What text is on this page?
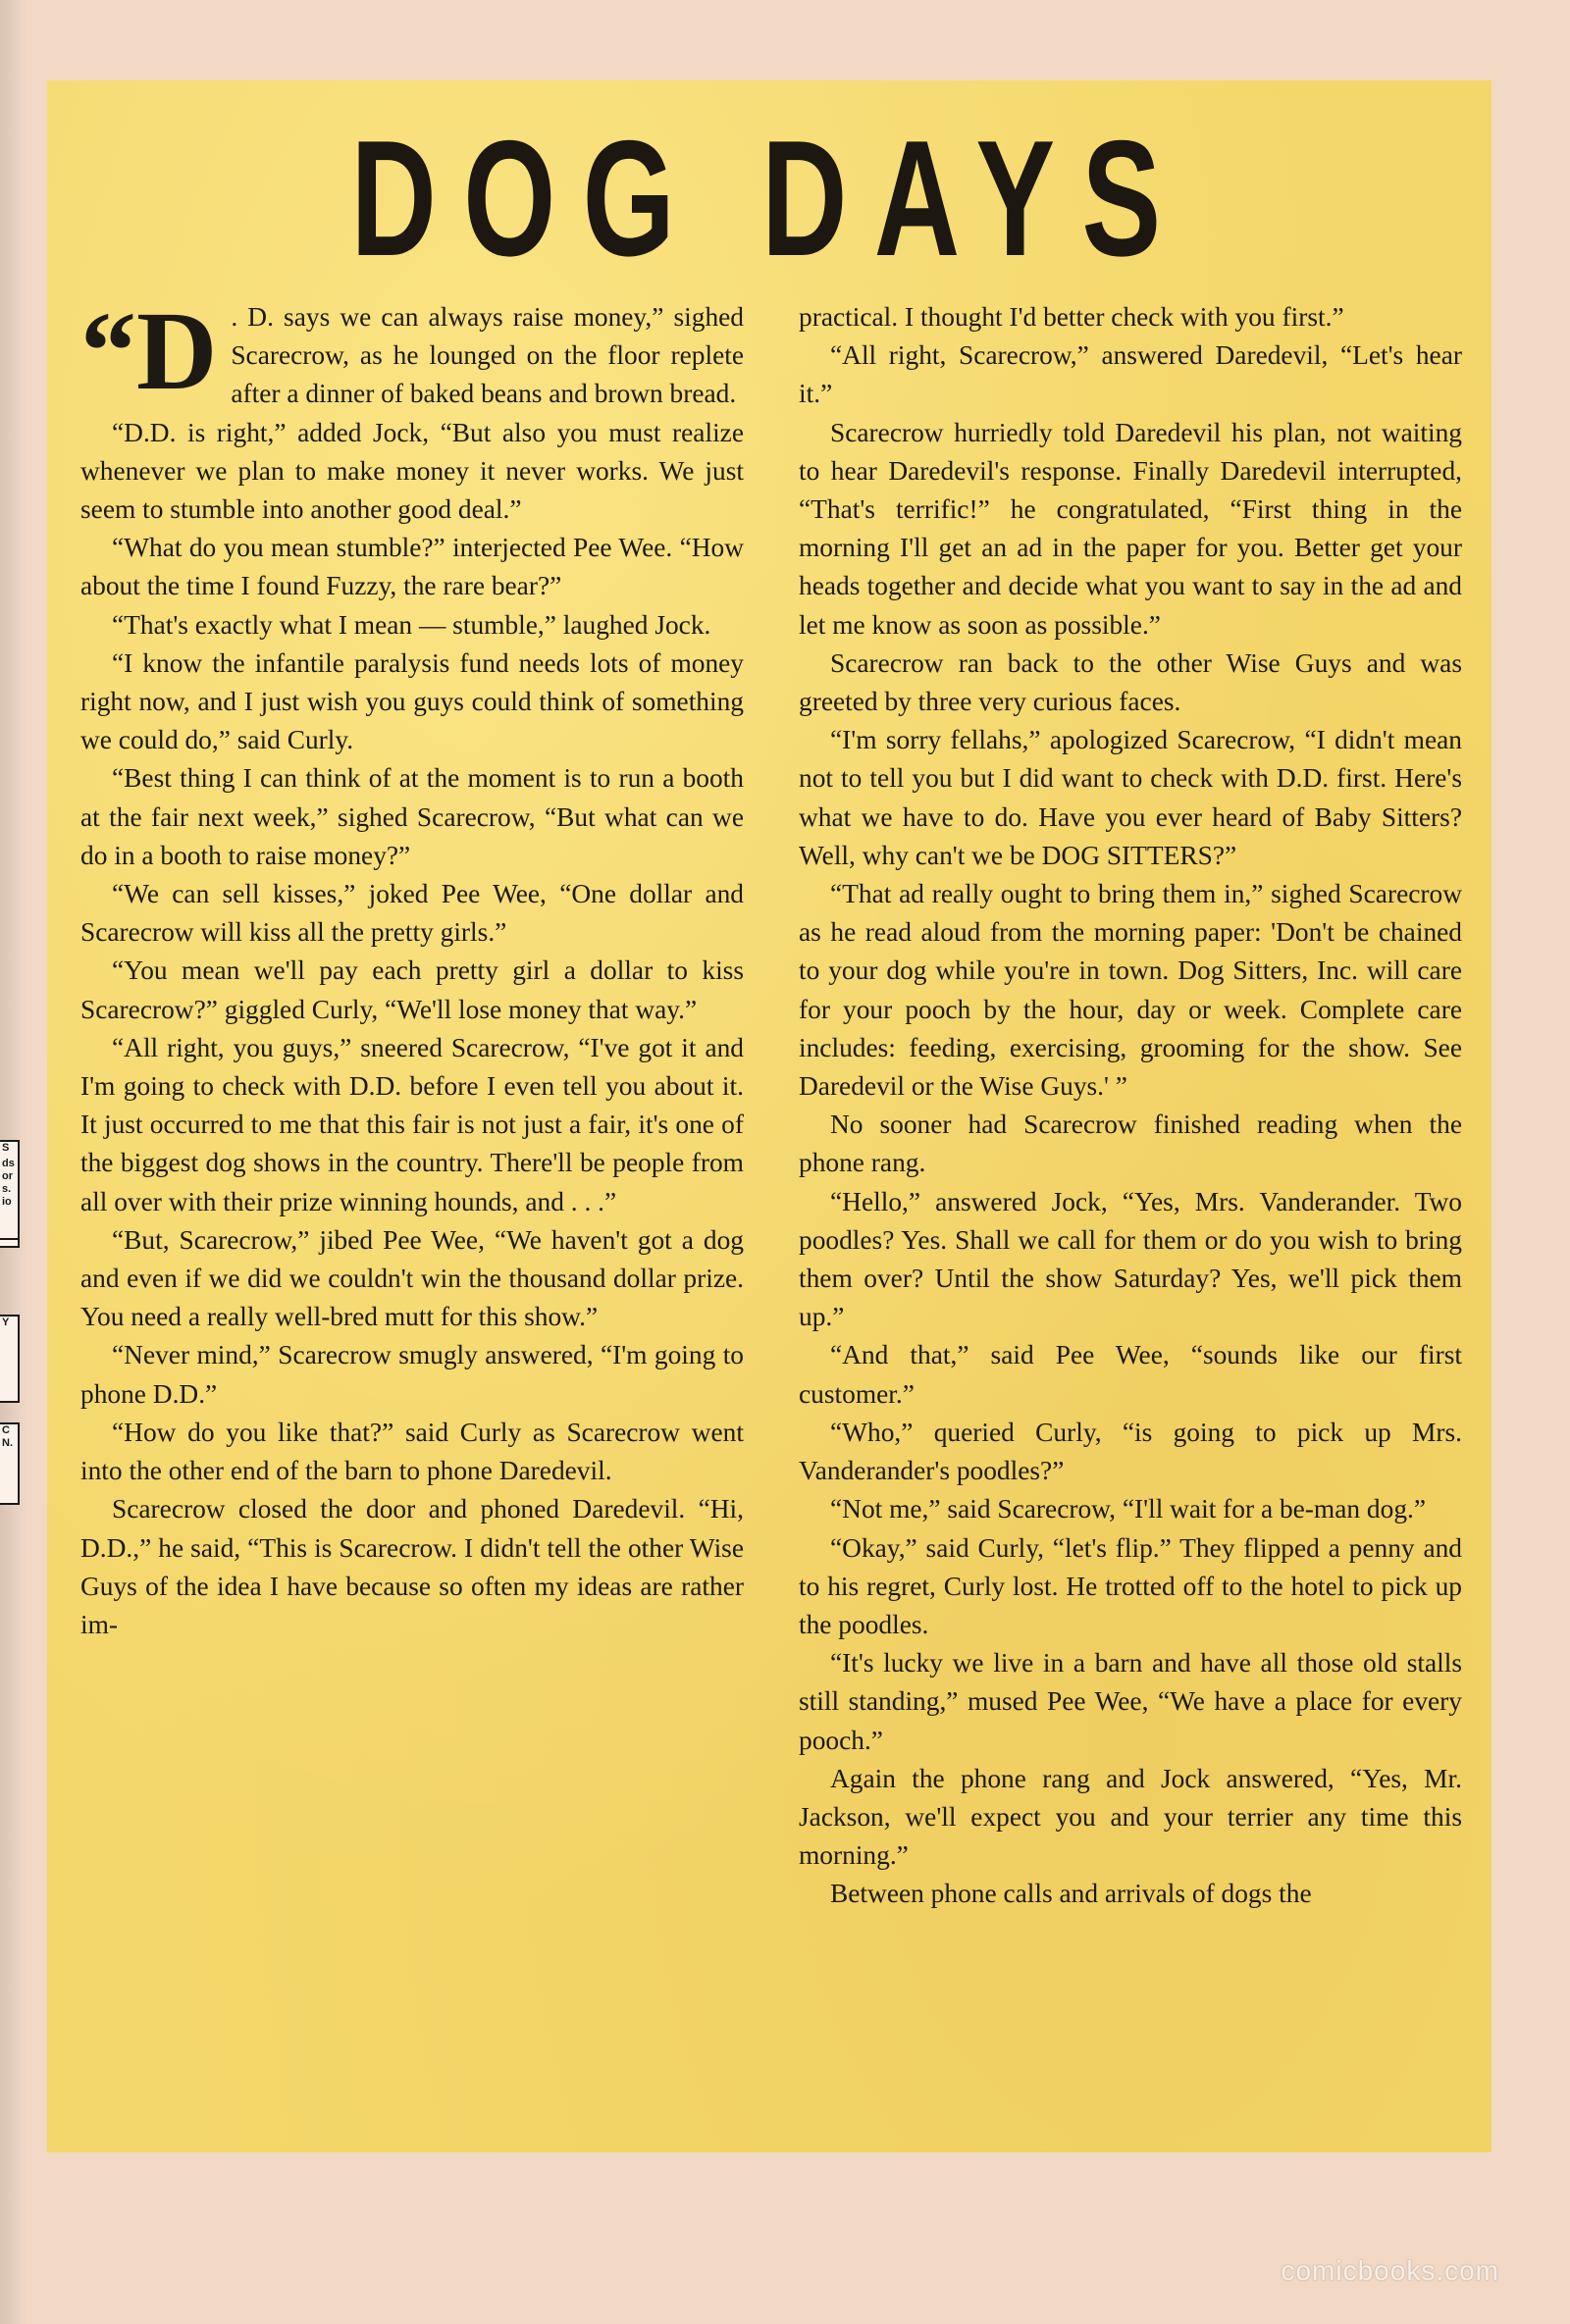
S
ds or s. io
Y
C N.
DOG DAYS

“D . D. says we can always raise money,” sighed Scarecrow, as he lounged on the floor replete after a dinner of baked beans and brown bread.

“D.D. is right,” added Jock, “But also you must realize whenever we plan to make money it never works. We just seem to stumble into another good deal.”

“What do you mean stumble?” interjected Pee Wee. “How about the time I found Fuzzy, the rare bear?”

“That's exactly what I mean — stumble,” laughed Jock.

“I know the infantile paralysis fund needs lots of money right now, and I just wish you guys could think of something we could do,” said Curly.

“Best thing I can think of at the moment is to run a booth at the fair next week,” sighed Scarecrow, “But what can we do in a booth to raise money?”

“We can sell kisses,” joked Pee Wee, “One dollar and Scarecrow will kiss all the pretty girls.”

“You mean we'll pay each pretty girl a dollar to kiss Scarecrow?” giggled Curly, “We'll lose money that way.”

“All right, you guys,” sneered Scarecrow, “I've got it and I'm going to check with D.D. before I even tell you about it. It just occurred to me that this fair is not just a fair, it's one of the biggest dog shows in the country. There'll be people from all over with their prize winning hounds, and . . .”

“But, Scarecrow,” jibed Pee Wee, “We haven't got a dog and even if we did we couldn't win the thousand dollar prize. You need a really well-bred mutt for this show.”

“Never mind,” Scarecrow smugly answered, “I'm going to phone D.D.”

“How do you like that?” said Curly as Scarecrow went into the other end of the barn to phone Daredevil.

Scarecrow closed the door and phoned Daredevil. “Hi, D.D.,” he said, “This is Scarecrow. I didn't tell the other Wise Guys of the idea I have because so often my ideas are rather im-

practical. I thought I'd better check with you first.”

“All right, Scarecrow,” answered Daredevil, “Let's hear it.”

Scarecrow hurriedly told Daredevil his plan, not waiting to hear Daredevil's response. Finally Daredevil interrupted, “That's terrific!” he congratulated, “First thing in the morning I'll get an ad in the paper for you. Better get your heads together and decide what you want to say in the ad and let me know as soon as possible.”

Scarecrow ran back to the other Wise Guys and was greeted by three very curious faces.

“I'm sorry fellahs,” apologized Scarecrow, “I didn't mean not to tell you but I did want to check with D.D. first. Here's what we have to do. Have you ever heard of Baby Sitters? Well, why can't we be DOG SITTERS?”

“That ad really ought to bring them in,” sighed Scarecrow as he read aloud from the morning paper: 'Don't be chained to your dog while you're in town. Dog Sitters, Inc. will care for your pooch by the hour, day or week. Complete care includes: feeding, exercising, grooming for the show. See Daredevil or the Wise Guys.' ”

No sooner had Scarecrow finished reading when the phone rang.

“Hello,” answered Jock, “Yes, Mrs. Vanderander. Two poodles? Yes. Shall we call for them or do you wish to bring them over? Until the show Saturday? Yes, we'll pick them up.”

“And that,” said Pee Wee, “sounds like our first customer.”

“Who,” queried Curly, “is going to pick up Mrs. Vanderander's poodles?”

“Not me,” said Scarecrow, “I'll wait for a be-man dog.”

“Okay,” said Curly, “let's flip.” They flipped a penny and to his regret, Curly lost. He trotted off to the hotel to pick up the poodles.

“It's lucky we live in a barn and have all those old stalls still standing,” mused Pee Wee, “We have a place for every pooch.”

Again the phone rang and Jock answered, “Yes, Mr. Jackson, we'll expect you and your terrier any time this morning.”

Between phone calls and arrivals of dogs the

comicbooks.com
